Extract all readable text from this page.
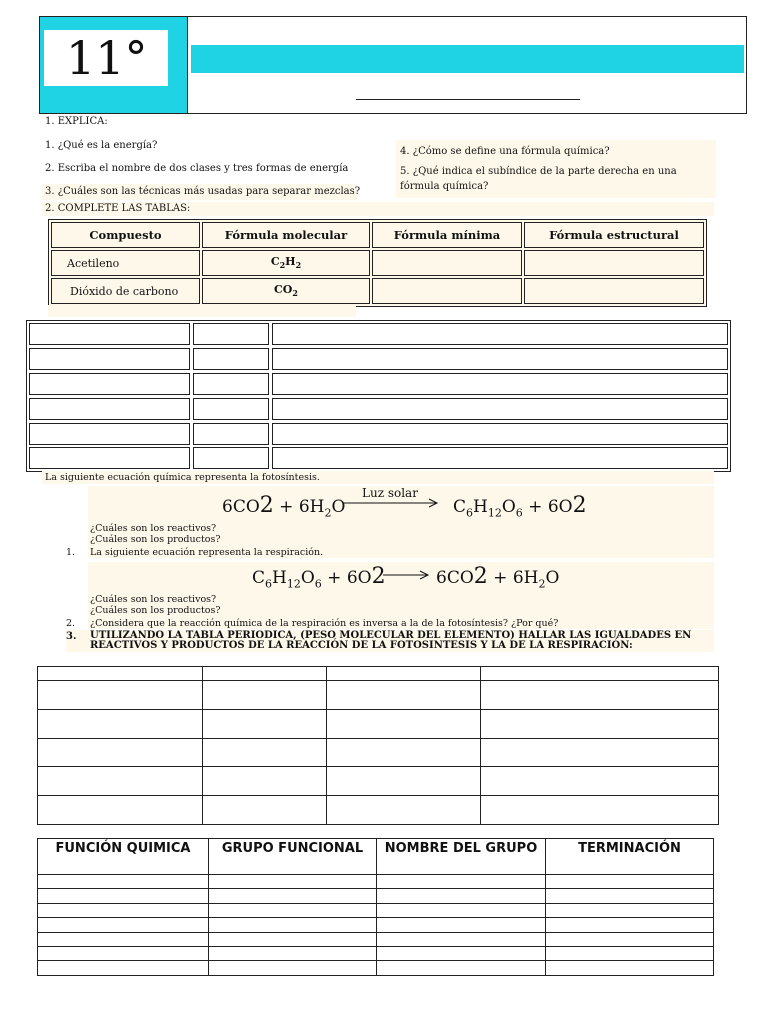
11°
1. EXPLICA:
1. ¿Qué es la energía?
2. Escriba el nombre de dos clases y tres formas de energía
3. ¿Cuáles son las técnicas más usadas para separar mezclas?
4. ¿Cómo se define una fórmula química?
5. ¿Qué indica el subíndice de la parte derecha en una fórmula química?
2. COMPLETE LAS TABLAS:
Compuesto	Fórmula molecular	Fórmula mínima	Fórmula estructural
Acetileno	$C_2H_2$		
Dióxido de carbono	$CO_2$		
La siguiente ecuación química representa la fotosíntesis.
$6CO2 + 6H_2O$
Luz solar
$C_6H_{12}O_6 + 6O2$
¿Cuáles son los reactivos?
¿Cuáles son los productos?
1. La siguiente ecuación representa la respiración.
$C_6H_{12}O_6 + 6O2 \to 6CO2 + 6H_2O$
¿Cuáles son los reactivos?
¿Cuáles son los productos?
2. ¿Considera que la reacción química de la respiración es inversa a la de la fotosíntesis? ¿Por qué?
3. UTILIZANDO LA TABLA PERIODICA, (PESO MOLECULAR DEL ELEMENTO) HALLAR LAS IGUALDADES EN REACTIVOS Y PRODUCTOS DE LA REACCIÓN DE LA FOTOSINTESIS Y LA DE LA RESPIRACIÓN:

FUNCIÓN QUIMICA	GRUPO FUNCIONAL	NOMBRE DEL GRUPO	TERMINACIÓN
